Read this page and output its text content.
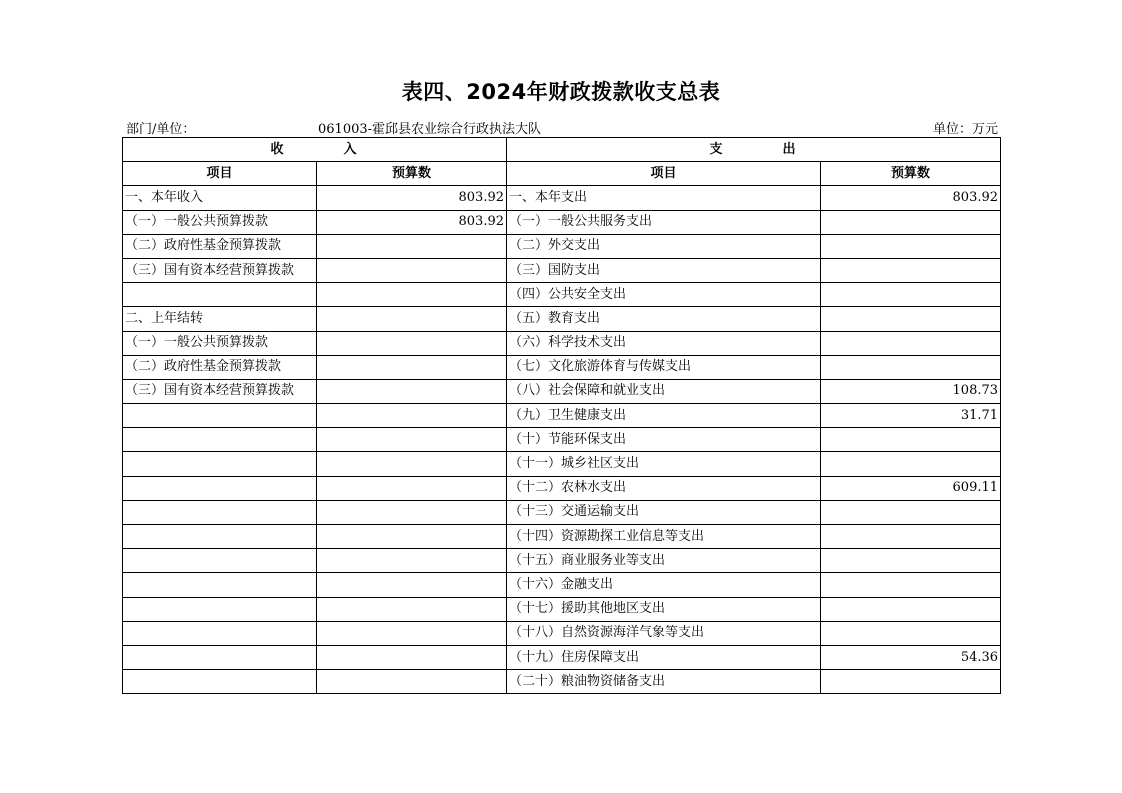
表四、2024年财政拨款收支总表
部门/单位：	061003-霍邱县农业综合行政执法大队	单位：万元
收入		支出	
项目	预算数	项目	预算数
一、本年收入	803.92	一、本年支出	803.92
（一）一般公共预算拨款	803.92	（一）一般公共服务支出	
（二）政府性基金预算拨款		（二）外交支出	
（三）国有资本经营预算拨款		（三）国防支出	
		（四）公共安全支出	
二、上年结转		（五）教育支出	
（一）一般公共预算拨款		（六）科学技术支出	
（二）政府性基金预算拨款		（七）文化旅游体育与传媒支出	
（三）国有资本经营预算拨款		（八）社会保障和就业支出	108.73
		（九）卫生健康支出	31.71
		（十）节能环保支出	
		（十一）城乡社区支出	
		（十二）农林水支出	609.11
		（十三）交通运输支出	
		（十四）资源勘探工业信息等支出	
		（十五）商业服务业等支出	
		（十六）金融支出	
		（十七）援助其他地区支出	
		（十八）自然资源海洋气象等支出	
		（十九）住房保障支出	54.36
		（二十）粮油物资储备支出	
